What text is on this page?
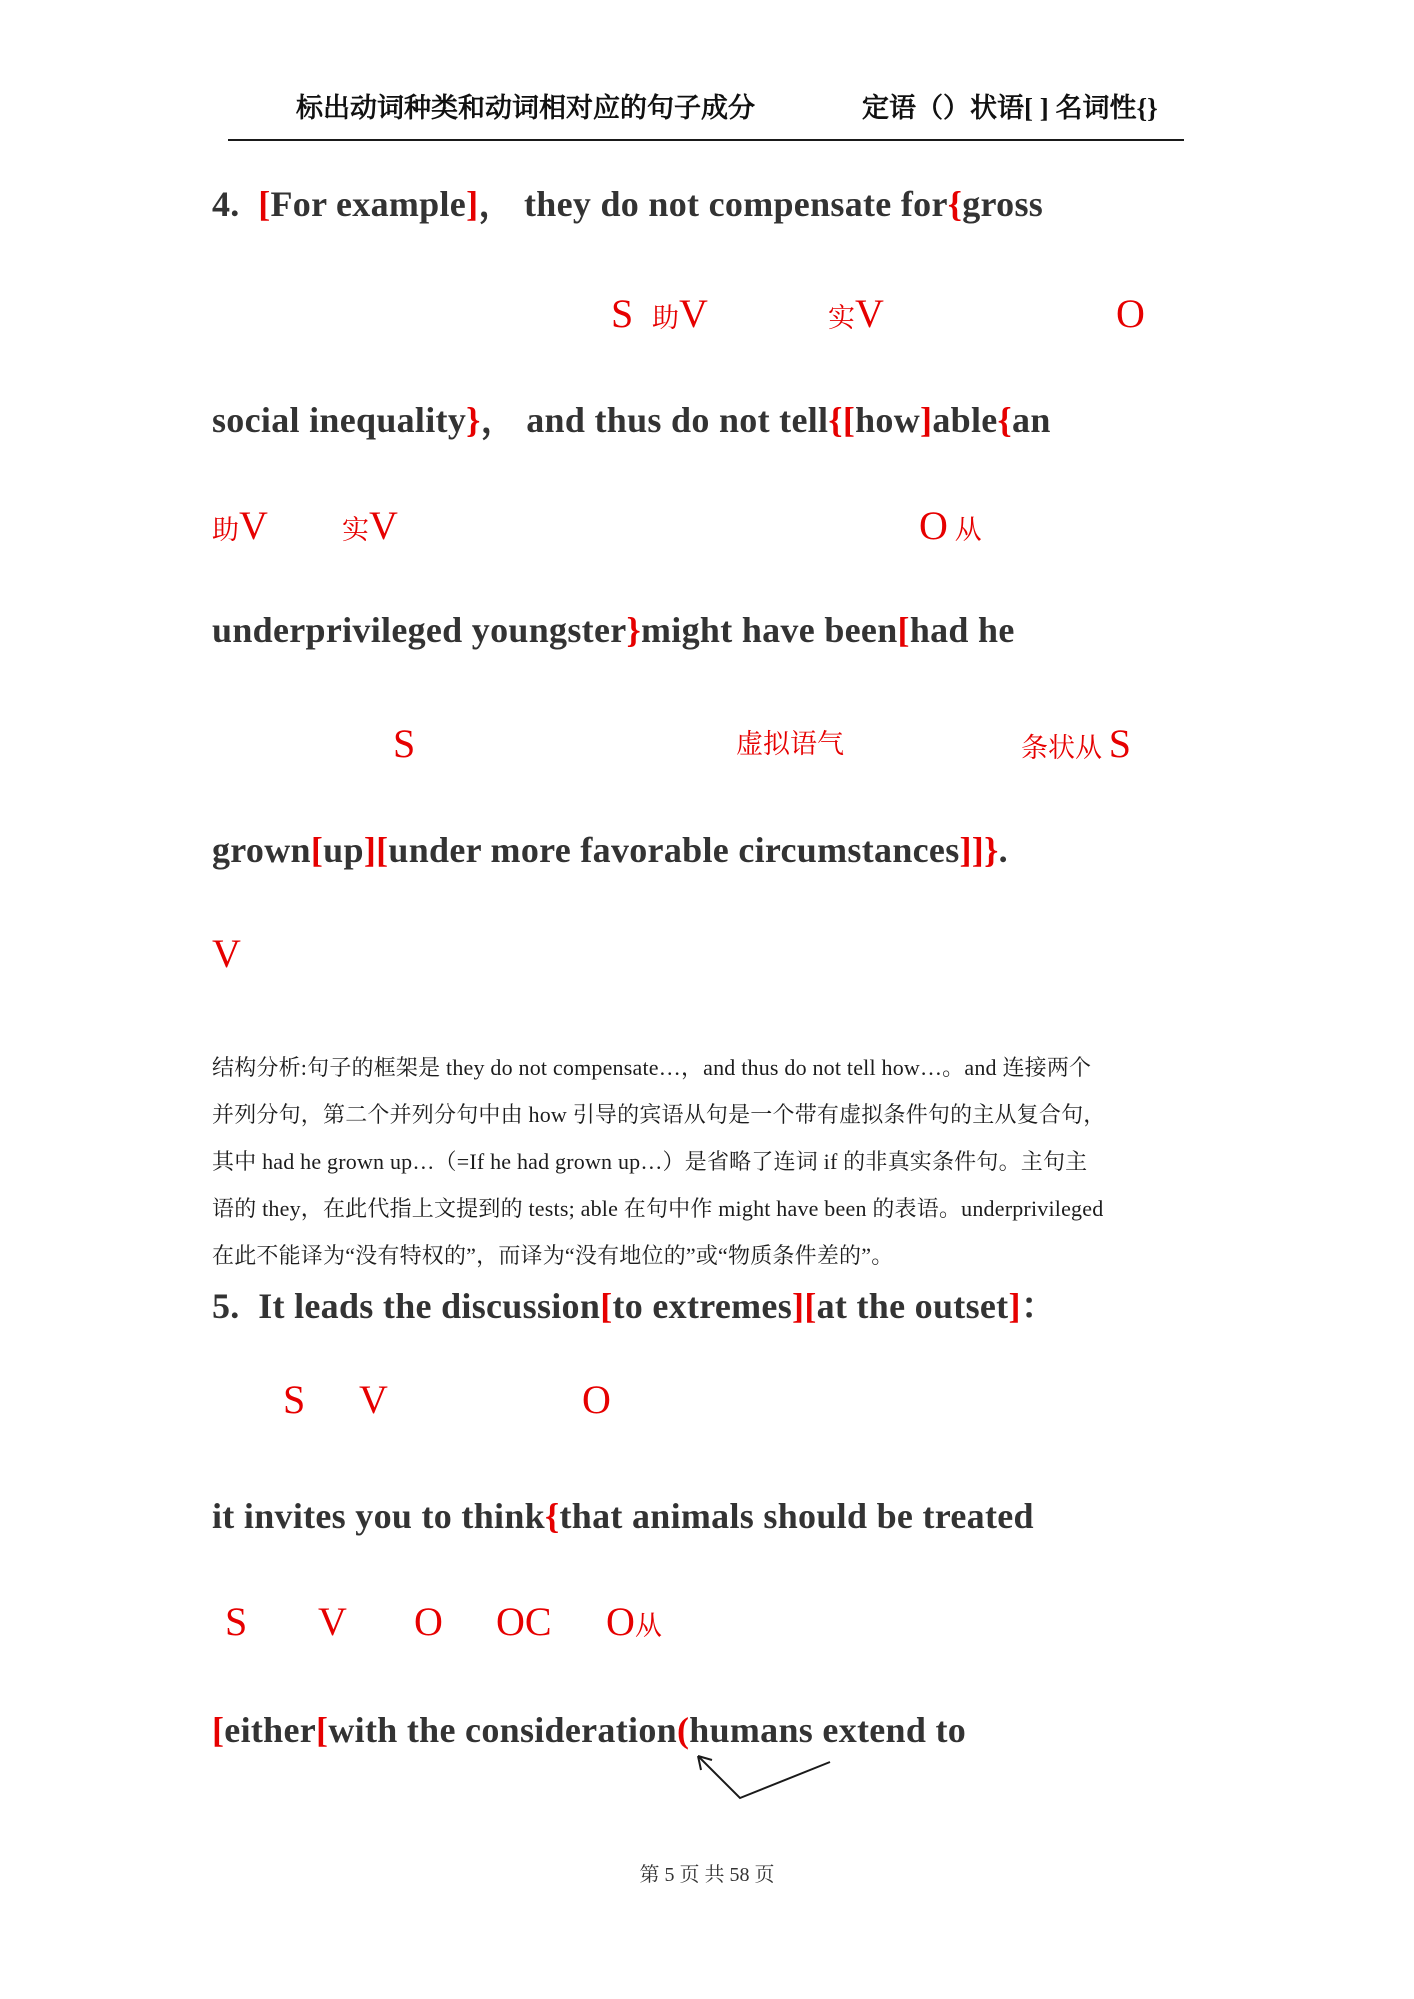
标出动词种类和动词相对应的句子成分	定语（）状语[ ] 名词性{}
4.  [For example]， they do not compensate for{gross
S 助V	实V	O
social inequality}， and thus do not tell{[how]able{an
助V	实V	O 从
underprivileged youngster}might have been[had he
S	虚拟语气	条状从 S
grown[up][under more favorable circumstances]]}.
V
结构分析:句子的框架是 they do not compensate…，and thus do not tell how…。and 连接两个
并列分句，第二个并列分句中由 how 引导的宾语从句是一个带有虚拟条件句的主从复合句，
其中 had he grown up…（=If he had grown up…）是省略了连词 if 的非真实条件句。主句主
语的 they，在此代指上文提到的 tests; able 在句中作 might have been 的表语。underprivileged
在此不能译为“没有特权的”，而译为“没有地位的”或“物质条件差的”。
5.  It leads the discussion[to extremes][at the outset]：
S V	O
it invites you to think{that animals should be treated
S V O OC O从
[either[with the consideration(humans extend to
第 5 页 共 58 页
